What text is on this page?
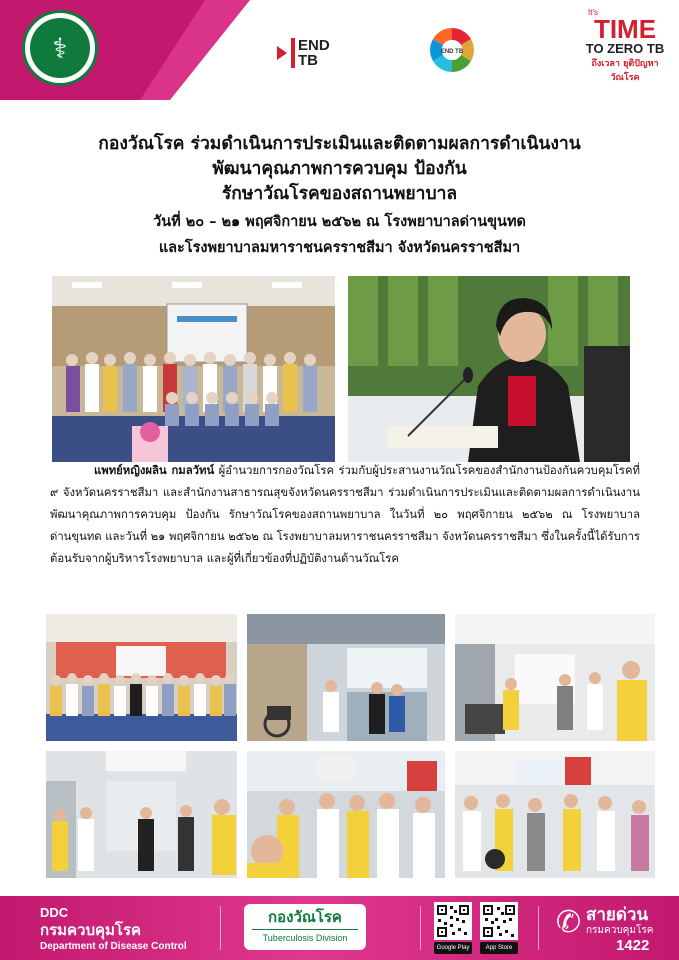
⚕	END
TB	END TB
It's
TIME
TO ZERO TB
ถึงเวลา ยุติปัญหาวัณโรค
กองวัณโรค ร่วมดำเนินการประเมินและติดตามผลการดำเนินงาน
พัฒนาคุณภาพการควบคุม ป้องกัน
รักษาวัณโรคของสถานพยาบาล
วันที่ ๒๐ – ๒๑ พฤศจิกายน ๒๕๖๒ ณ โรงพยาบาลด่านขุนทด
และโรงพยาบาลมหาราชนครราชสีมา จังหวัดนครราชสีมา

แพทย์หญิงผลิน กมลวัทน์ ผู้อำนวยการกองวัณโรค ร่วมกับผู้ประสานงานวัณโรคของสำนักงานป้องกันควบคุมโรคที่ ๙ จังหวัดนครราชสีมา และสำนักงานสาธารณสุขจังหวัดนครราชสีมา ร่วมดำเนินการประเมินและติดตามผลการดำเนินงานพัฒนาคุณภาพการควบคุม ป้องกัน รักษาวัณโรคของสถานพยาบาล ในวันที่ ๒๐ พฤศจิกายน ๒๕๖๒ ณ โรงพยาบาลด่านขุนทด และวันที่ ๒๑ พฤศจิกายน ๒๕๖๒ ณ โรงพยาบาลมหาราชนครราชสีมา จังหวัดนครราชสีมา ซึ่งในครั้งนี้ได้รับการต้อนรับจากผู้บริหารโรงพยาบาล และผู้ที่เกี่ยวข้องที่ปฏิบัติงานด้านวัณโรค

DDC
กรมควบคุมโรค
Department of Disease Control
กองวัณโรค
Tuberculosis Division
Google Play	App Store
✆ สายด่วน
กรมควบคุมโรค
1422
